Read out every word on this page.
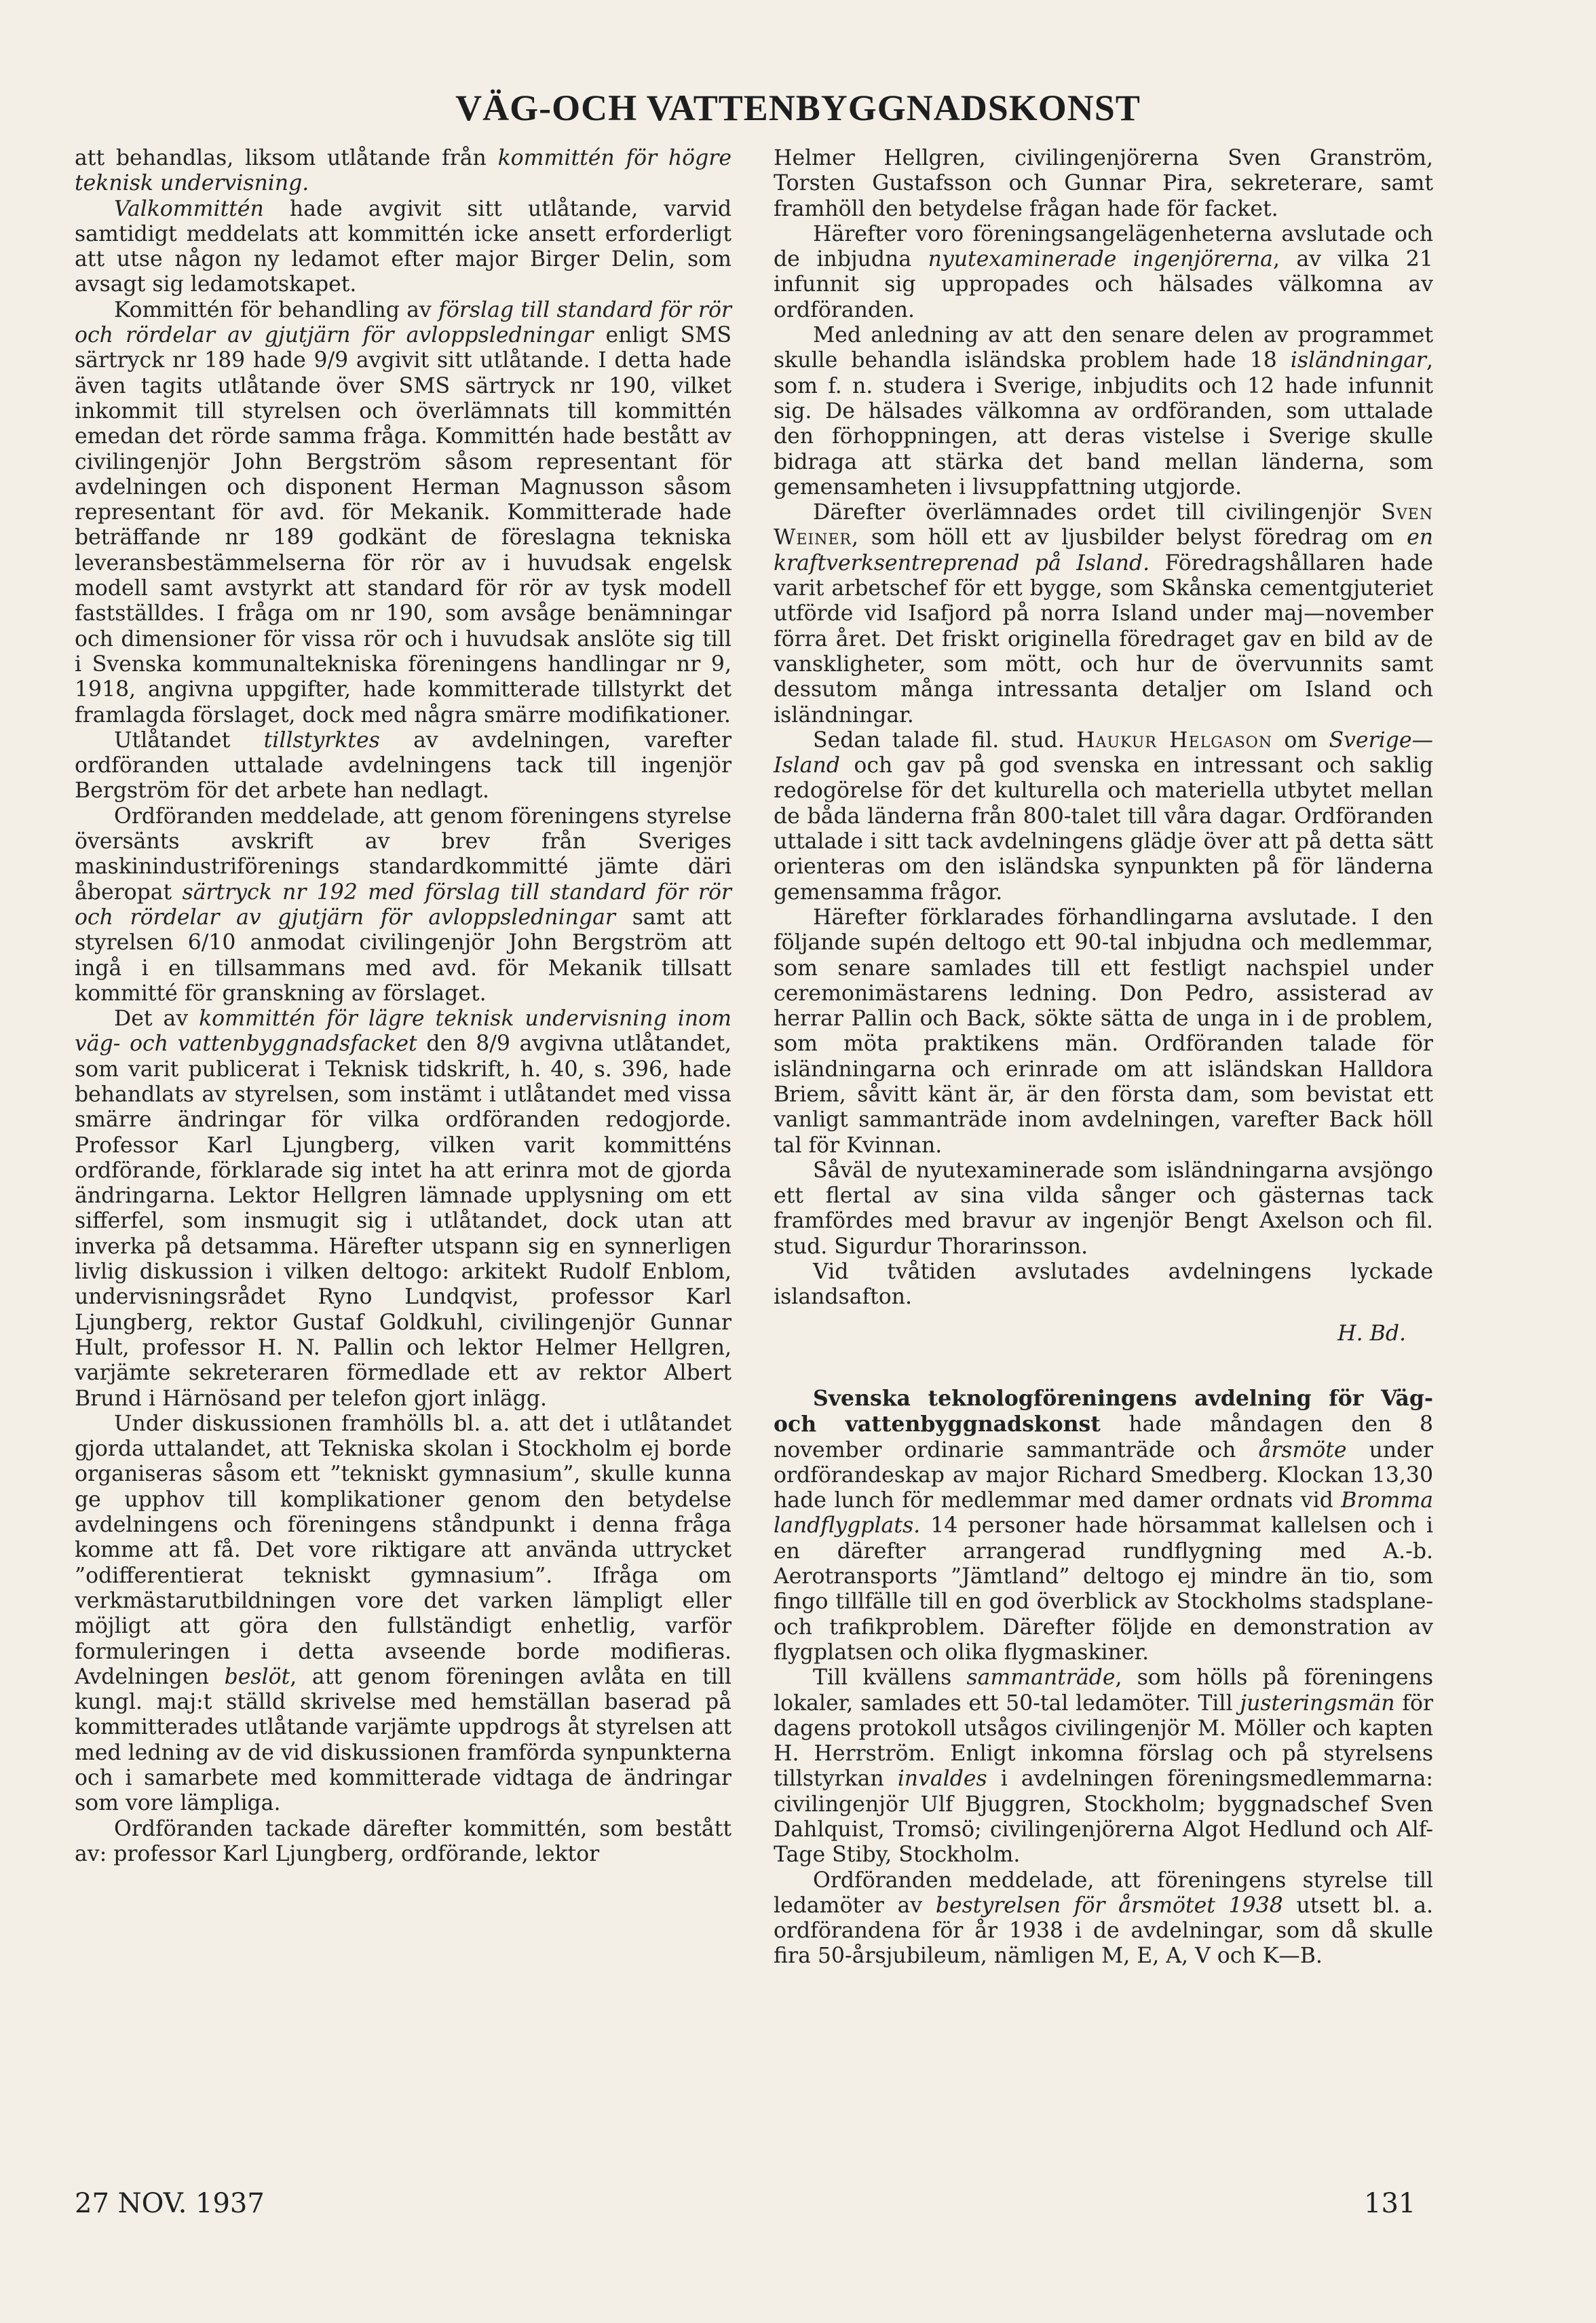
VÄG-OCH VATTENBYGGNADSKONST

att behandlas, liksom utlåtande från kommittén för högre teknisk undervisning.

Valkommittén hade avgivit sitt utlåtande, varvid samtidigt meddelats att kommittén icke ansett erforderligt att utse någon ny ledamot efter major Birger Delin, som avsagt sig ledamotskapet.

Kommittén för behandling av förslag till standard för rör och rördelar av gjutjärn för avloppsledningar enligt SMS särtryck nr 189 hade 9/9 avgivit sitt utlåtande. I detta hade även tagits utlåtande över SMS särtryck nr 190, vilket inkommit till styrelsen och överlämnats till kommittén emedan det rörde samma fråga. Kommittén hade bestått av civilingenjör John Bergström såsom representant för avdelningen och disponent Herman Magnusson såsom representant för avd. för Mekanik. Kommitterade hade beträffande nr 189 godkänt de föreslagna tekniska leveransbestämmelserna för rör av i huvudsak engelsk modell samt avstyrkt att standard för rör av tysk modell fastställdes. I fråga om nr 190, som avsåge benämningar och dimensioner för vissa rör och i huvudsak anslöte sig till i Svenska kommunaltekniska föreningens handlingar nr 9, 1918, angivna uppgifter, hade kommitterade tillstyrkt det framlagda förslaget, dock med några smärre modifikationer.

Utlåtandet tillstyrktes av avdelningen, varefter ordföranden uttalade avdelningens tack till ingenjör Bergström för det arbete han nedlagt.

Ordföranden meddelade, att genom föreningens styrelse översänts avskrift av brev från Sveriges maskinindustriförenings standardkommitté jämte däri åberopat särtryck nr 192 med förslag till standard för rör och rördelar av gjutjärn för avloppsledningar samt att styrelsen 6/10 anmodat civilingenjör John Bergström att ingå i en tillsammans med avd. för Mekanik tillsatt kommitté för granskning av förslaget.

Det av kommittén för lägre teknisk undervisning inom väg- och vattenbyggnadsfacket den 8/9 avgivna utlåtandet, som varit publicerat i Teknisk tidskrift, h. 40, s. 396, hade behandlats av styrelsen, som instämt i utlåtandet med vissa smärre ändringar för vilka ordföranden redogjorde. Professor Karl Ljungberg, vilken varit kommitténs ordförande, förklarade sig intet ha att erinra mot de gjorda ändringarna. Lektor Hellgren lämnade upplysning om ett sifferfel, som insmugit sig i utlåtandet, dock utan att inverka på detsamma. Härefter utspann sig en synnerligen livlig diskussion i vilken deltogo: arkitekt Rudolf Enblom, undervisningsrådet Ryno Lundqvist, professor Karl Ljungberg, rektor Gustaf Goldkuhl, civilingenjör Gunnar Hult, professor H. N. Pallin och lektor Helmer Hellgren, varjämte sekreteraren förmedlade ett av rektor Albert Brund i Härnösand per telefon gjort inlägg.

Under diskussionen framhölls bl. a. att det i utlåtandet gjorda uttalandet, att Tekniska skolan i Stockholm ej borde organiseras såsom ett ”tekniskt gymnasium”, skulle kunna ge upphov till komplikationer genom den betydelse avdelningens och föreningens ståndpunkt i denna fråga komme att få. Det vore riktigare att använda uttrycket ”odifferentierat tekniskt gymnasium”. Ifråga om verkmästarutbildningen vore det varken lämpligt eller möjligt att göra den fullständigt enhetlig, varför formuleringen i detta avseende borde modifieras. Avdelningen beslöt, att genom föreningen avlåta en till kungl. maj:t ställd skrivelse med hemställan baserad på kommitterades utlåtande varjämte uppdrogs åt styrelsen att med ledning av de vid diskussionen framförda synpunkterna och i samarbete med kommitterade vidtaga de ändringar som vore lämpliga.

Ordföranden tackade därefter kommittén, som bestått av: professor Karl Ljungberg, ordförande, lektor

Helmer Hellgren, civilingenjörerna Sven Granström, Torsten Gustafsson och Gunnar Pira, sekreterare, samt framhöll den betydelse frågan hade för facket.

Härefter voro föreningsangelägenheterna avslutade och de inbjudna nyutexaminerade ingenjörerna, av vilka 21 infunnit sig uppropades och hälsades välkomna av ordföranden.

Med anledning av att den senare delen av programmet skulle behandla isländska problem hade 18 isländningar, som f. n. studera i Sverige, inbjudits och 12 hade infunnit sig. De hälsades välkomna av ordföranden, som uttalade den förhoppningen, att deras vistelse i Sverige skulle bidraga att stärka det band mellan länderna, som gemensamheten i livsuppfattning utgjorde.

Därefter överlämnades ordet till civilingenjör Sven Weiner, som höll ett av ljusbilder belyst föredrag om en kraftverksentreprenad på Island. Föredragshållaren hade varit arbetschef för ett bygge, som Skånska cementgjuteriet utförde vid Isafjord på norra Island under maj—november förra året. Det friskt originella föredraget gav en bild av de vanskligheter, som mött, och hur de övervunnits samt dessutom många intressanta detaljer om Island och isländningar.

Sedan talade fil. stud. Haukur Helgason om Sverige—Island och gav på god svenska en intressant och saklig redogörelse för det kulturella och materiella utbytet mellan de båda länderna från 800-talet till våra dagar. Ordföranden uttalade i sitt tack avdelningens glädje över att på detta sätt orienteras om den isländska synpunkten på för länderna gemensamma frågor.

Härefter förklarades förhandlingarna avslutade. I den följande supén deltogo ett 90-tal inbjudna och medlemmar, som senare samlades till ett festligt nachspiel under ceremonimästarens ledning. Don Pedro, assisterad av herrar Pallin och Back, sökte sätta de unga in i de problem, som möta praktikens män. Ordföranden talade för isländningarna och erinrade om att isländskan Halldora Briem, såvitt känt är, är den första dam, som bevistat ett vanligt sammanträde inom avdelningen, varefter Back höll tal för Kvinnan.

Såväl de nyutexaminerade som isländningarna avsjöngo ett flertal av sina vilda sånger och gästernas tack framfördes med bravur av ingenjör Bengt Axelson och fil. stud. Sigurdur Thorarinsson.

Vid tvåtiden avslutades avdelningens lyckade islandsafton.

H. Bd.

Svenska teknologföreningens avdelning för Väg- och vattenbyggnadskonst hade måndagen den 8 november ordinarie sammanträde och årsmöte under ordförandeskap av major Richard Smedberg. Klockan 13,30 hade lunch för medlemmar med damer ordnats vid Bromma landflygplats. 14 personer hade hörsammat kallelsen och i en därefter arrangerad rundflygning med A.-b. Aerotransports ”Jämtland” deltogo ej mindre än tio, som fingo tillfälle till en god överblick av Stockholms stadsplane- och trafikproblem. Därefter följde en demonstration av flygplatsen och olika flygmaskiner.

Till kvällens sammanträde, som hölls på föreningens lokaler, samlades ett 50-tal ledamöter. Till justeringsmän för dagens protokoll utsågos civilingenjör M. Möller och kapten H. Herrström. Enligt inkomna förslag och på styrelsens tillstyrkan invaldes i avdelningen föreningsmedlemmarna: civilingenjör Ulf Bjuggren, Stockholm; byggnadschef Sven Dahlquist, Tromsö; civilingenjörerna Algot Hedlund och Alf-Tage Stiby, Stockholm.

Ordföranden meddelade, att föreningens styrelse till ledamöter av bestyrelsen för årsmötet 1938 utsett bl. a. ordförandena för år 1938 i de avdelningar, som då skulle fira 50-årsjubileum, nämligen M, E, A, V och K—B.

27 NOV. 1937	131
